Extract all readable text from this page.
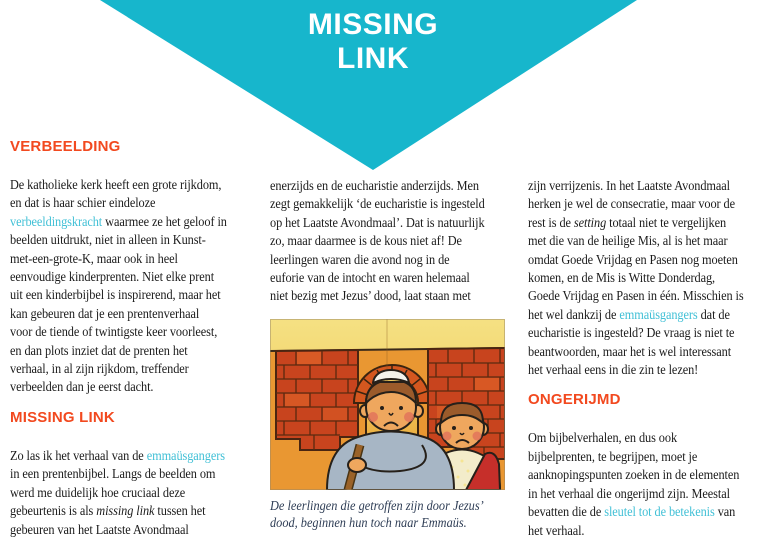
MISSING
LINK
VERBEELDING
De katholieke kerk heeft een grote rijkdom,
en dat is haar schier eindeloze
verbeeldingskracht waarmee ze het geloof in
beelden uitdrukt, niet in alleen in Kunst-
met-een-grote-K, maar ook in heel
eenvoudige kinderprenten. Niet elke prent
uit een kinderbijbel is inspirerend, maar het
kan gebeuren dat je een prentenverhaal
voor de tiende of twintigste keer voorleest,
en dan plots inziet dat de prenten het
verhaal, in al zijn rijkdom, treffender
verbeelden dan je eerst dacht.
MISSING LINK
Zo las ik het verhaal van de emmaüsgangers
in een prentenbijbel. Langs de beelden om
werd me duidelijk hoe cruciaal deze
gebeurtenis is als missing link tussen het
gebeuren van het Laatste Avondmaal
enerzijds en de eucharistie anderzijds. Men
zegt gemakkelijk ‘de eucharistie is ingesteld
op het Laatste Avondmaal’. Dat is natuurlijk
zo, maar daarmee is de kous niet af! De
leerlingen waren die avond nog in de
euforie van de intocht en waren helemaal
niet bezig met Jezus’ dood, laat staan met
De leerlingen die getroffen zijn door Jezus’
dood, beginnen hun toch naar Emmaüs.
zijn verrijzenis. In het Laatste Avondmaal
herken je wel de consecratie, maar voor de
rest is de setting totaal niet te vergelijken
met die van de heilige Mis, al is het maar
omdat Goede Vrijdag en Pasen nog moeten
komen, en de Mis is Witte Donderdag,
Goede Vrijdag en Pasen in één. Misschien is
het wel dankzij de emmaüsgangers dat de
eucharistie is ingesteld? De vraag is niet te
beantwoorden, maar het is wel interessant
het verhaal eens in die zin te lezen!
ONGERIJMD
Om bijbelverhalen, en dus ook
bijbelprenten, te begrijpen, moet je
aanknopingspunten zoeken in de elementen
in het verhaal die ongerijmd zijn. Meestal
bevatten die de sleutel tot de betekenis van
het verhaal.
